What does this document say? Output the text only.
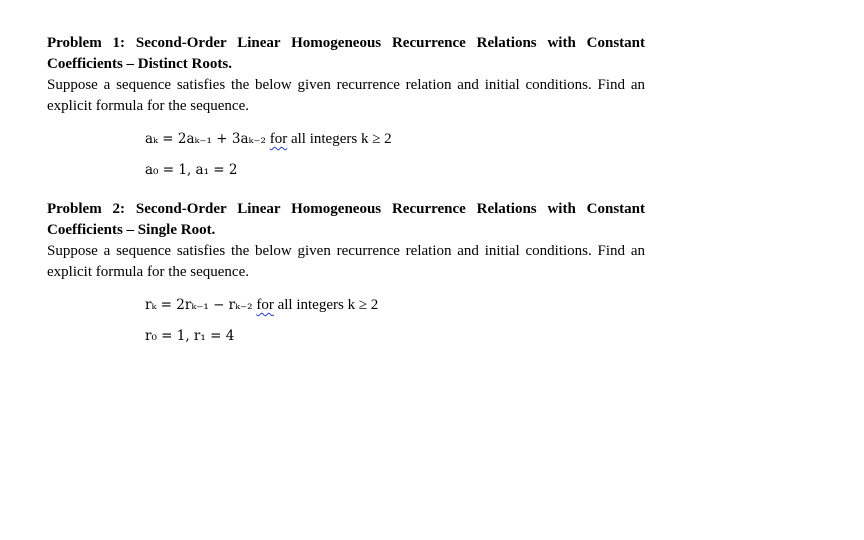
Problem 1: Second-Order Linear Homogeneous Recurrence Relations with Constant Coefficients – Distinct Roots.

Suppose a sequence satisfies the below given recurrence relation and initial conditions. Find an explicit formula for the sequence.

aₖ = 2aₖ₋₁ + 3aₖ₋₂ for all integers k ≥ 2
a₀ = 1, a₁ = 2

Problem 2: Second-Order Linear Homogeneous Recurrence Relations with Constant Coefficients – Single Root.

Suppose a sequence satisfies the below given recurrence relation and initial conditions. Find an explicit formula for the sequence.

rₖ = 2rₖ₋₁ − rₖ₋₂ for all integers k ≥ 2
r₀ = 1, r₁ = 4
